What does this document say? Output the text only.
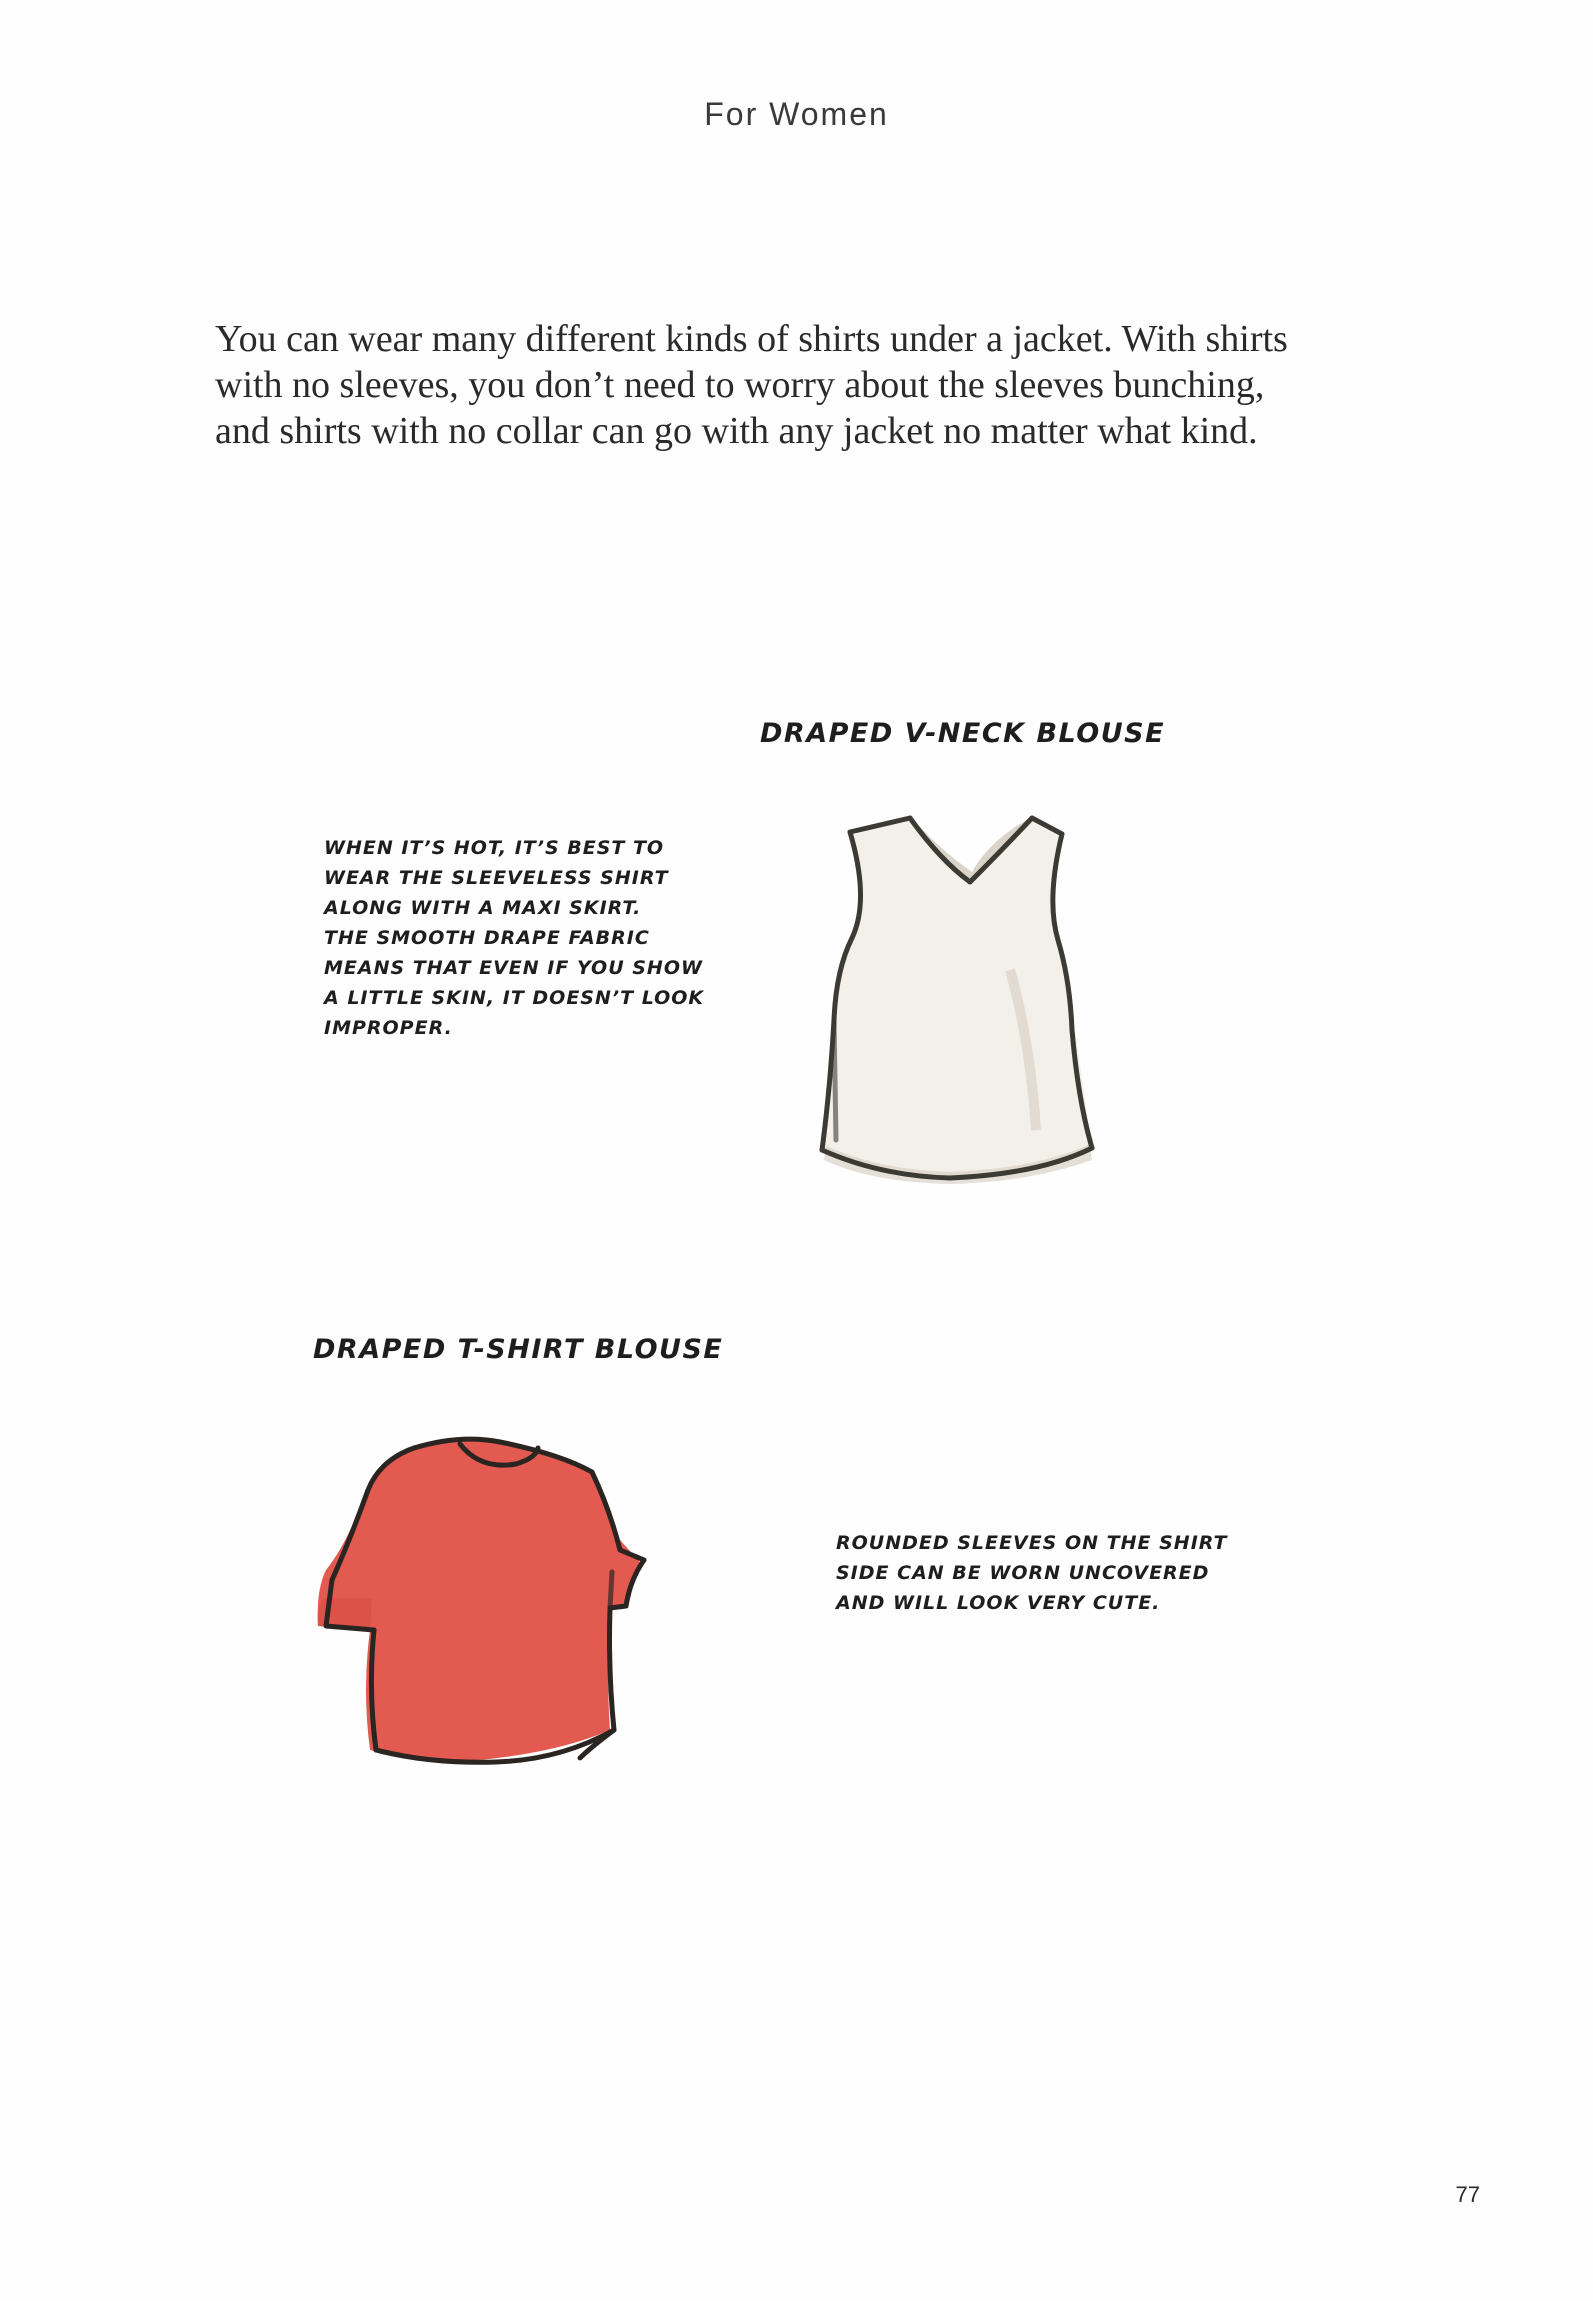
For Women

You can wear many different kinds of shirts under a jacket. With shirts
with no sleeves, you don’t need to worry about the sleeves bunching,
and shirts with no collar can go with any jacket no matter what kind.

DRAPED V-NECK BLOUSE
WHEN IT’S HOT, IT’S BEST TO
WEAR THE SLEEVELESS SHIRT
ALONG WITH A MAXI SKIRT.
THE SMOOTH DRAPE FABRIC
MEANS THAT EVEN IF YOU SHOW
A LITTLE SKIN, IT DOESN’T LOOK
IMPROPER.
DRAPED T-SHIRT BLOUSE
ROUNDED SLEEVES ON THE SHIRT
SIDE CAN BE WORN UNCOVERED
AND WILL LOOK VERY CUTE.
77
